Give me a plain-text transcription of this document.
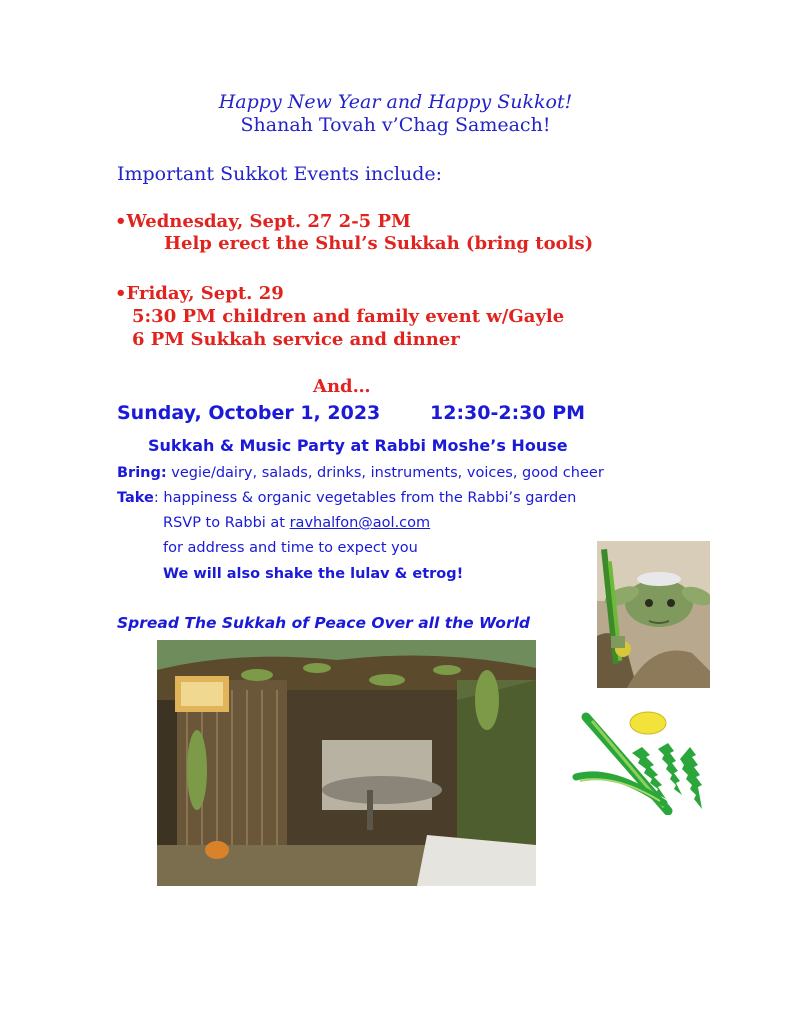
Happy New Year and Happy Sukkot!
Shanah Tovah v’Chag Sameach!
Important Sukkot Events include:
•Wednesday, Sept. 27 2-5 PM
Help erect the Shul’s Sukkah (bring tools)
•Friday, Sept. 29
5:30 PM children and family event w/Gayle
6 PM Sukkah service and dinner
And…
Sunday, October 1, 2023	12:30-2:30 PM
Sukkah & Music Party at Rabbi Moshe’s House
Bring: vegie/dairy, salads, drinks, instruments, voices, good cheer
Take: happiness & organic vegetables from the Rabbi’s garden
RSVP to Rabbi at ravhalfon@aol.com
for address and time to expect you
We will also shake the lulav & etrog!
Spread The Sukkah of Peace Over all the World
